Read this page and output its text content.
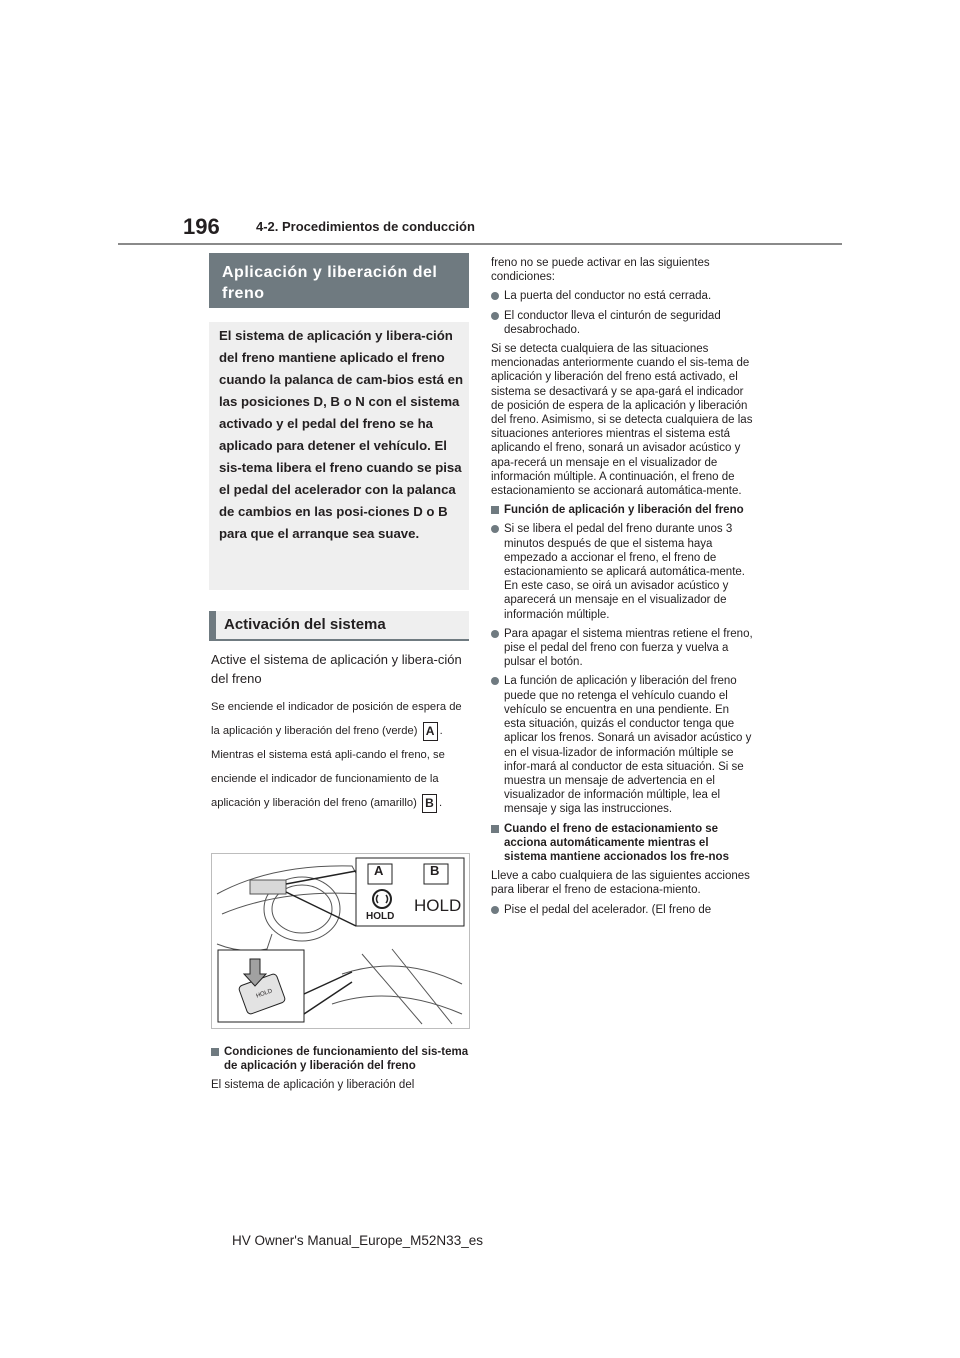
196	4-2. Procedimientos de conducción
Aplicación y liberación del freno
El sistema de aplicación y libera-ción del freno mantiene aplicado el freno cuando la palanca de cam-bios está en las posiciones D, B o N con el sistema activado y el pedal del freno se ha aplicado para detener el vehículo. El sis-tema libera el freno cuando se pisa el pedal del acelerador con la palanca de cambios en las posi-ciones D o B para que el arranque sea suave.
Activación del sistema
Active el sistema de aplicación y libera-ción del freno
Se enciende el indicador de posición de espera de la aplicación y liberación del freno (verde) A . Mientras el sistema está apli-cando el freno, se enciende el indicador de funcionamiento de la aplicación y liberación del freno (amarillo) B .
A	B
HOLD
HOLD
HOLD
Condiciones de funcionamiento del sis-tema de aplicación y liberación del freno
El sistema de aplicación y liberación del
freno no se puede activar en las siguientes condiciones:
La puerta del conductor no está cerrada.
El conductor lleva el cinturón de seguridad desabrochado.
Si se detecta cualquiera de las situaciones mencionadas anteriormente cuando el sis-tema de aplicación y liberación del freno está activado, el sistema se desactivará y se apa-gará el indicador de posición de espera de la aplicación y liberación del freno. Asimismo, si se detecta cualquiera de las situaciones anteriores mientras el sistema está aplicando el freno, sonará un avisador acústico y apa-recerá un mensaje en el visualizador de información múltiple. A continuación, el freno de estacionamiento se accionará automática-mente.
Función de aplicación y liberación del freno
Si se libera el pedal del freno durante unos 3 minutos después de que el sistema haya empezado a accionar el freno, el freno de estacionamiento se aplicará automática-mente. En este caso, se oirá un avisador acústico y aparecerá un mensaje en el visualizador de información múltiple.
Para apagar el sistema mientras retiene el freno, pise el pedal del freno con fuerza y vuelva a pulsar el botón.
La función de aplicación y liberación del freno puede que no retenga el vehículo cuando el vehículo se encuentra en una pendiente. En esta situación, quizás el conductor tenga que aplicar los frenos. Sonará un avisador acústico y en el visua-lizador de información múltiple se infor-mará al conductor de esta situación. Si se muestra un mensaje de advertencia en el visualizador de información múltiple, lea el mensaje y siga las instrucciones.
Cuando el freno de estacionamiento se acciona automáticamente mientras el sistema mantiene accionados los fre-nos
Lleve a cabo cualquiera de las siguientes acciones para liberar el freno de estaciona-miento.
Pise el pedal del acelerador. (El freno de
HV Owner's Manual_Europe_M52N33_es
